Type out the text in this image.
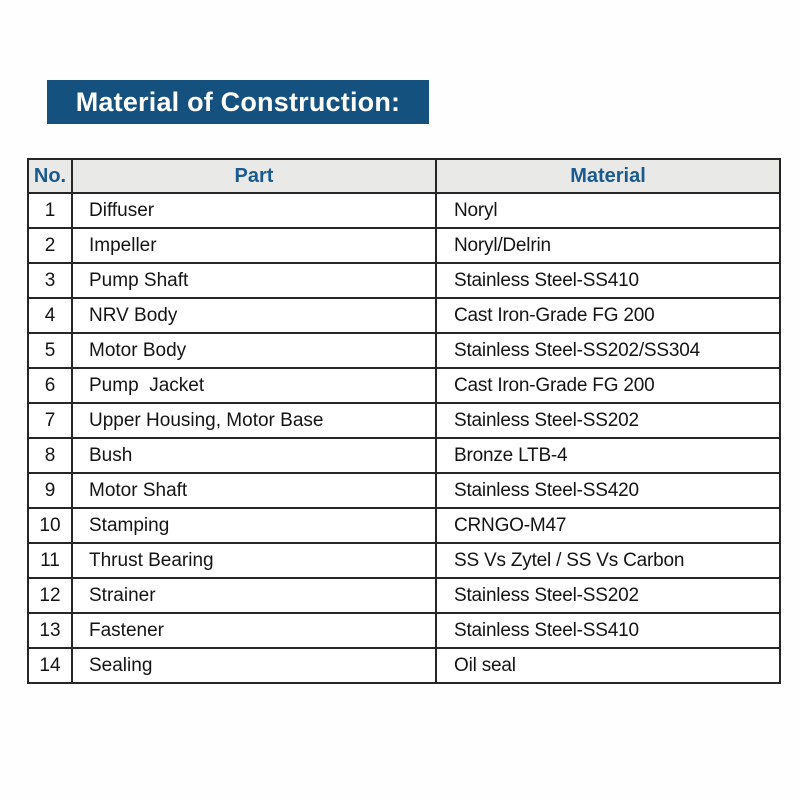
Material of Construction:
No.	Part	Material
1	Diffuser	Noryl
2	Impeller	Noryl/Delrin
3	Pump Shaft	Stainless Steel-SS410
4	NRV Body	Cast Iron-Grade FG 200
5	Motor Body	Stainless Steel-SS202/SS304
6	Pump  Jacket	Cast Iron-Grade FG 200
7	Upper Housing, Motor Base	Stainless Steel-SS202
8	Bush	Bronze LTB-4
9	Motor Shaft	Stainless Steel-SS420
10	Stamping	CRNGO-M47
11	Thrust Bearing	SS Vs Zytel / SS Vs Carbon
12	Strainer	Stainless Steel-SS202
13	Fastener	Stainless Steel-SS410
14	Sealing	Oil seal
